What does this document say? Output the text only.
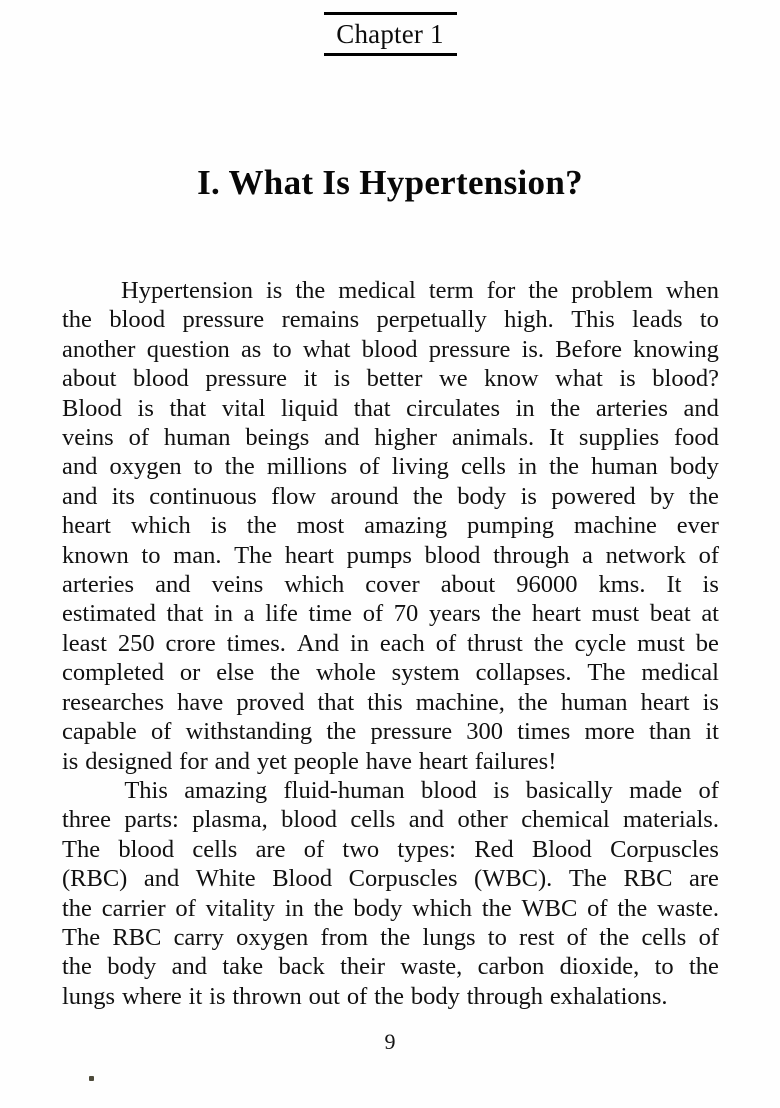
Chapter 1
I. What Is Hypertension?
Hypertension is the medical term for the problem when
the blood pressure remains perpetually high. This leads to
another question as to what blood pressure is. Before knowing
about blood pressure it is better we know what is blood?
Blood is that vital liquid that circulates in the arteries and
veins of human beings and higher animals. It supplies food
and oxygen to the millions of living cells in the human body
and its continuous flow around the body is powered by the
heart which is the most amazing pumping machine ever
known to man. The heart pumps blood through a network of
arteries and veins which cover about 96000 kms. It is
estimated that in a life time of 70 years the heart must beat at
least 250 crore times. And in each of thrust the cycle must be
completed or else the whole system collapses. The medical
researches have proved that this machine, the human heart is
capable of withstanding the pressure 300 times more than it
is designed for and yet people have heart failures!
This amazing fluid-human blood is basically made of
three parts: plasma, blood cells and other chemical materials.
The blood cells are of two types: Red Blood Corpuscles
(RBC) and White Blood Corpuscles (WBC). The RBC are
the carrier of vitality in the body which the WBC of the waste.
The RBC carry oxygen from the lungs to rest of the cells of
the body and take back their waste, carbon dioxide, to the
lungs where it is thrown out of the body through exhalations.
9
